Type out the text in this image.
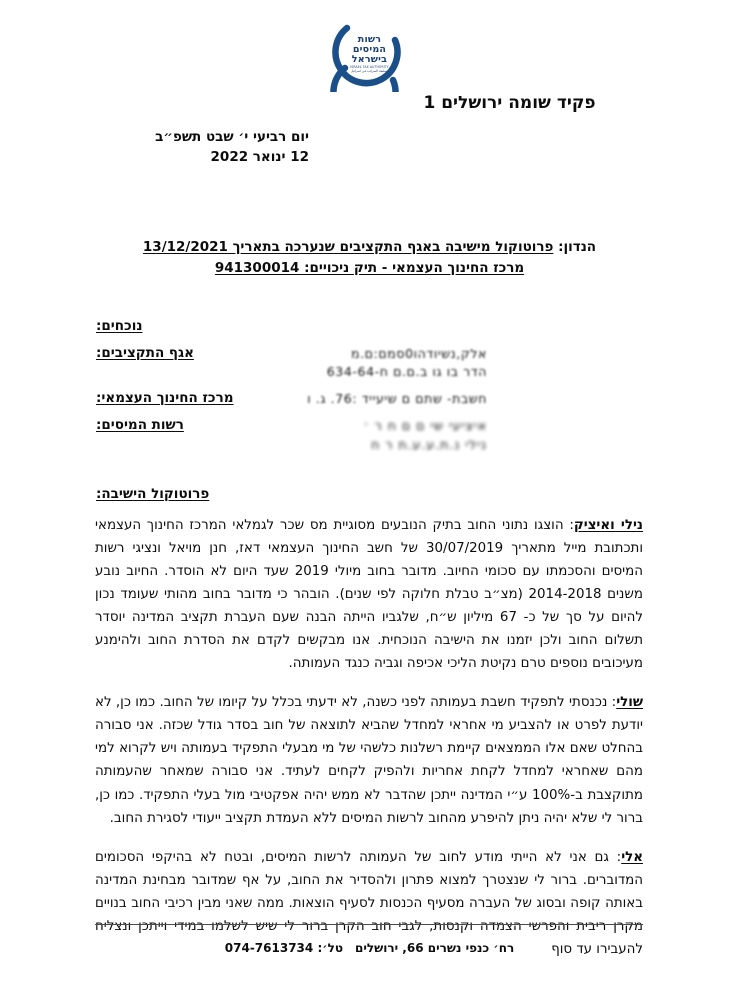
רשות
המיסים
בישראל
ISRAEL TAX AUTHORITY
رسلطة الضرائب في اسرائيل
פקיד שומה ירושלים 1
יום רביעי י׳ שבט תשפ״ב
12 ינואר 2022
הנדון: פרוטוקול מישיבה באגף התקציבים שנערכה בתאריך 13/12/2021
מרכז החינוך העצמאי - תיק ניכויים: 941300014
נוכחים:
אגף התקציבים:	אלק,נשיודהו0סמם:ם.מ
הדר בו גו ב.ם.ם ח-634-64
מרכז החינוך העצמאי:	חשבת- שתם ם שיעייד :76. ג. ו
רשות המיסים:	איציעי שי ם ם ח ר ׳
נילי נ.ת.ע.ע.ת ר ח
פרוטוקול הישיבה:

נילי ואיציק: הוצגו נתוני החוב בתיק הנובעים מסוגיית מס שכר לגמלאי המרכז החינוך העצמאי ותכתובת מייל מתאריך 30/07/2019 של חשב החינוך העצמאי דאז, חנן מויאל ונציגי רשות המיסים והסכמתו עם סכומי החיוב. מדובר בחוב מיולי 2019 שעד היום לא הוסדר. החיוב נובע משנים 2014-2018 (מצ״ב טבלת חלוקה לפי שנים). הובהר כי מדובר בחוב מהותי שעומד נכון להיום על סך של כ- 67 מיליון ש״ח, שלגביו הייתה הבנה שעם העברת תקציב המדינה יוסדר תשלום החוב ולכן יזמנו את הישיבה הנוכחית. אנו מבקשים לקדם את הסדרת החוב ולהימנע מעיכובים נוספים טרם נקיטת הליכי אכיפה וגביה כנגד העמותה.

שולי: נכנסתי לתפקיד חשבת בעמותה לפני כשנה, לא ידעתי בכלל על קיומו של החוב. כמו כן, לא יודעת לפרט או להצביע מי אחראי למחדל שהביא לתוצאה של חוב בסדר גודל שכזה. אני סבורה בהחלט שאם אלו הממצאים קיימת רשלנות כלשהי של מי מבעלי התפקיד בעמותה ויש לקרוא למי מהם שאחראי למחדל לקחת אחריות ולהפיק לקחים לעתיד. אני סבורה שמאחר שהעמותה מתוקצבת ב-100% ע״י המדינה ייתכן שהדבר לא ממש יהיה אפקטיבי מול בעלי התפקיד. כמו כן, ברור לי שלא יהיה ניתן להיפרע מהחוב לרשות המיסים ללא העמדת תקציב ייעודי לסגירת החוב.

אלי: גם אני לא הייתי מודע לחוב של העמותה לרשות המיסים, ובטח לא בהיקפי הסכומים המדוברים. ברור לי שנצטרך למצוא פתרון ולהסדיר את החוב, על אף שמדובר מבחינת המדינה באותה קופה ובסוג של העברה מסעיף הכנסות לסעיף הוצאות. ממה שאני מבין רכיבי החוב בנויים מקרן ריבית והפרשי הצמדה וקנסות, לגבי חוב הקרן ברור לי שיש לשלמו במידי וייתכן ונצליח להעבירו עד סוף

רח׳ כנפי נשרים 66, ירושליםטל׳: 074-7613734
